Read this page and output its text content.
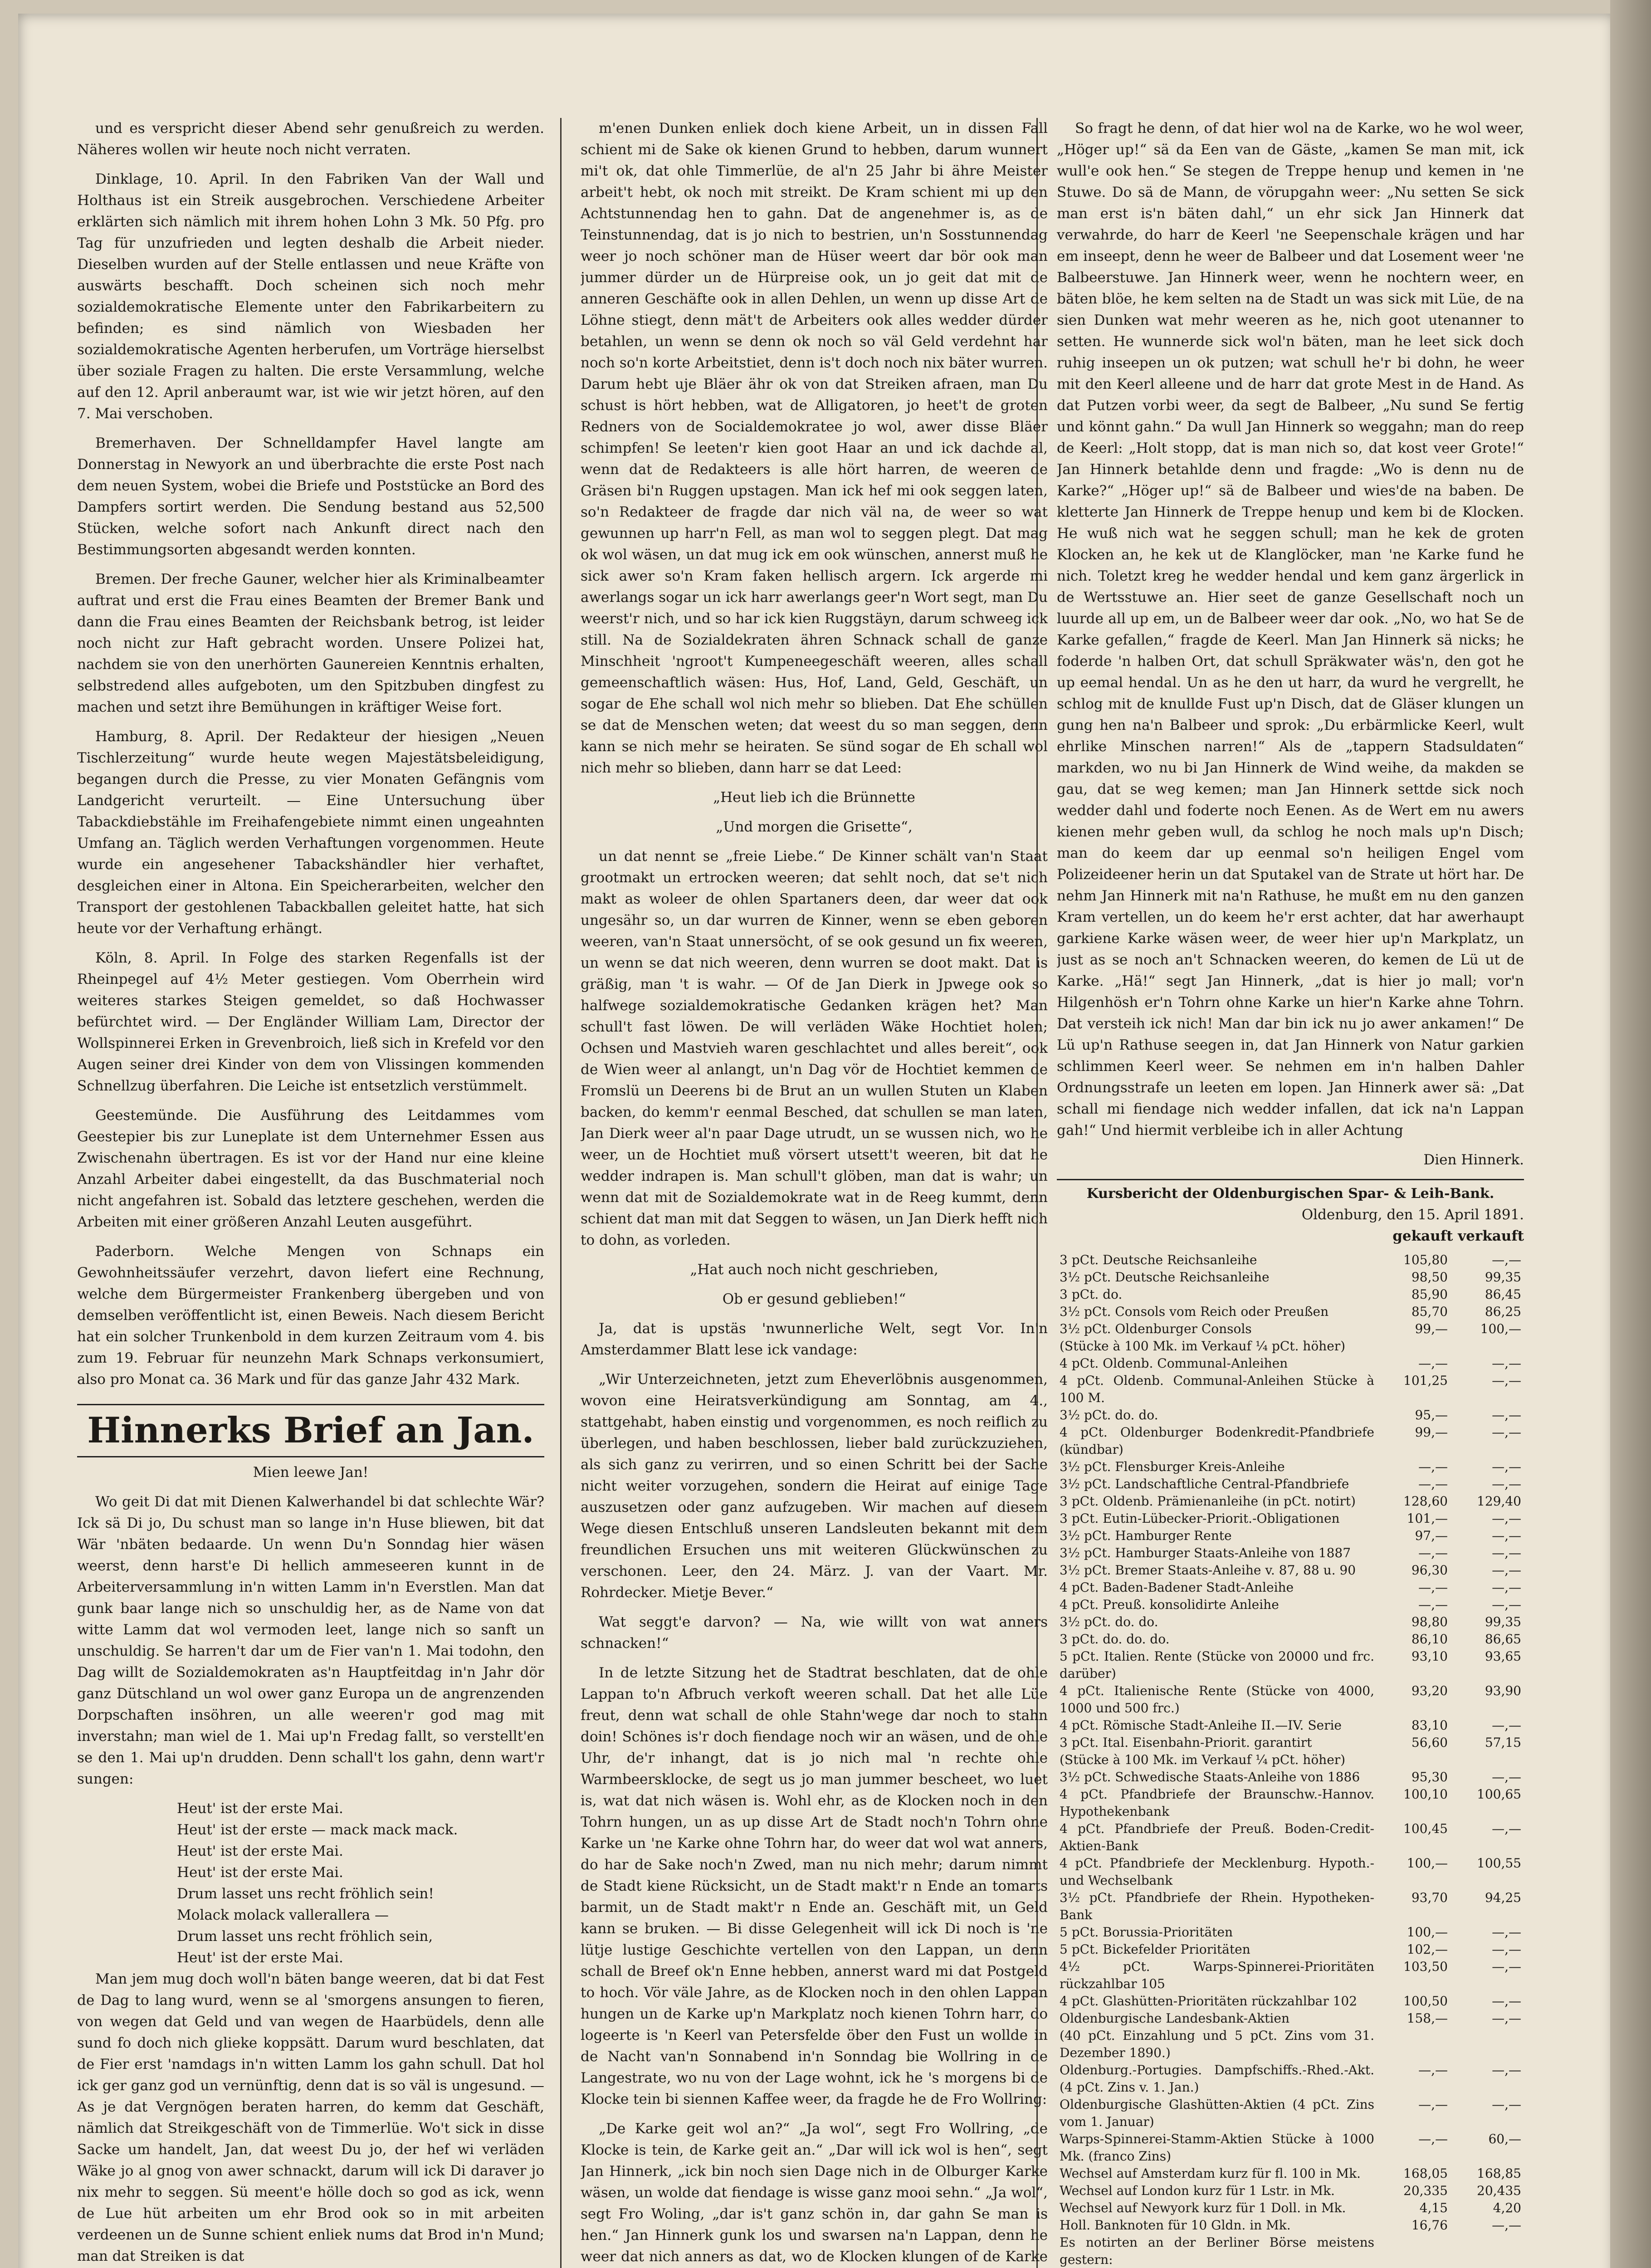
und es verspricht dieser Abend sehr genußreich zu werden. Näheres wollen wir heute noch nicht verraten.

Dinklage, 10. April. In den Fabriken Van der Wall und Holthaus ist ein Streik ausgebrochen. Verschiedene Arbeiter erklärten sich nämlich mit ihrem hohen Lohn 3 Mk. 50 Pfg. pro Tag für unzufrieden und legten deshalb die Arbeit nieder. Dieselben wurden auf der Stelle entlassen und neue Kräfte von auswärts beschafft. Doch scheinen sich noch mehr sozialdemokratische Elemente unter den Fabrikarbeitern zu befinden; es sind nämlich von Wiesbaden her sozialdemokratische Agenten herberufen, um Vorträge hierselbst über soziale Fragen zu halten. Die erste Versammlung, welche auf den 12. April anberaumt war, ist wie wir jetzt hören, auf den 7. Mai verschoben.

Bremerhaven. Der Schnelldampfer Havel langte am Donnerstag in Newyork an und überbrachte die erste Post nach dem neuen System, wobei die Briefe und Poststücke an Bord des Dampfers sortirt werden. Die Sendung bestand aus 52,500 Stücken, welche sofort nach Ankunft direct nach den Bestimmungsorten abgesandt werden konnten.

Bremen. Der freche Gauner, welcher hier als Kriminalbeamter auftrat und erst die Frau eines Beamten der Bremer Bank und dann die Frau eines Beamten der Reichsbank betrog, ist leider noch nicht zur Haft gebracht worden. Unsere Polizei hat, nachdem sie von den unerhörten Gaunereien Kenntnis erhalten, selbstredend alles aufgeboten, um den Spitzbuben dingfest zu machen und setzt ihre Bemühungen in kräftiger Weise fort.

Hamburg, 8. April. Der Redakteur der hiesigen „Neuen Tischlerzeitung“ wurde heute wegen Majestätsbeleidigung, begangen durch die Presse, zu vier Monaten Gefängnis vom Landgericht verurteilt. — Eine Untersuchung über Tabackdiebstähle im Freihafengebiete nimmt einen ungeahnten Umfang an. Täglich werden Verhaftungen vorgenommen. Heute wurde ein angesehener Tabackshändler hier verhaftet, desgleichen einer in Altona. Ein Speicherarbeiten, welcher den Transport der gestohlenen Tabackballen geleitet hatte, hat sich heute vor der Verhaftung erhängt.

Köln, 8. April. In Folge des starken Regenfalls ist der Rheinpegel auf 4½ Meter gestiegen. Vom Oberrhein wird weiteres starkes Steigen gemeldet, so daß Hochwasser befürchtet wird. — Der Engländer William Lam, Director der Wollspinnerei Erken in Grevenbroich, ließ sich in Krefeld vor den Augen seiner drei Kinder von dem von Vlissingen kommenden Schnellzug überfahren. Die Leiche ist entsetzlich verstümmelt.

Geestemünde. Die Ausführung des Leitdammes vom Geestepier bis zur Luneplate ist dem Unternehmer Essen aus Zwischenahn übertragen. Es ist vor der Hand nur eine kleine Anzahl Arbeiter dabei eingestellt, da das Buschmaterial noch nicht angefahren ist. Sobald das letztere geschehen, werden die Arbeiten mit einer größeren Anzahl Leuten ausgeführt.

Paderborn. Welche Mengen von Schnaps ein Gewohnheitssäufer verzehrt, davon liefert eine Rechnung, welche dem Bürgermeister Frankenberg übergeben und von demselben veröffentlicht ist, einen Beweis. Nach diesem Bericht hat ein solcher Trunkenbold in dem kurzen Zeitraum vom 4. bis zum 19. Februar für neunzehn Mark Schnaps verkonsumiert, also pro Monat ca. 36 Mark und für das ganze Jahr 432 Mark.

Hinnerks Brief an Jan.

Mien leewe Jan!

Wo geit Di dat mit Dienen Kalwerhandel bi dat schlechte Wär? Ick sä Di jo, Du schust man so lange in'n Huse bliewen, bit dat Wär 'nbäten bedaarde. Un wenn Du'n Sonndag hier wäsen weerst, denn harst'e Di hellich ammeseeren kunnt in de Arbeiterversammlung in'n witten Lamm in'n Everstlen. Man dat gunk baar lange nich so unschuldig her, as de Name von dat witte Lamm dat wol vermoden leet, lange nich so sanft un unschuldig. Se harren't dar um de Fier van'n 1. Mai todohn, den Dag willt de Sozialdemokraten as'n Hauptfeitdag in'n Jahr dör ganz Dütschland un wol ower ganz Europa un de angrenzenden Dorpschaften insöhren, un alle weeren'r god mag mit inverstahn; man wiel de 1. Mai up'n Fredag fallt, so verstellt'en se den 1. Mai up'n drudden. Denn schall't los gahn, denn wart'r sungen:

Heut' ist der erste Mai.

Heut' ist der erste — mack mack mack.

Heut' ist der erste Mai.

Heut' ist der erste Mai.

Drum lasset uns recht fröhlich sein!

Molack molack vallerallera —

Drum lasset uns recht fröhlich sein,

Heut' ist der erste Mai.

Man jem mug doch woll'n bäten bange weeren, dat bi dat Fest de Dag to lang wurd, wenn se al 'smorgens ansungen to fieren, von wegen dat Geld und van wegen de Haarbüdels, denn alle sund fo doch nich glieke koppsätt. Darum wurd beschlaten, dat de Fier erst 'namdags in'n witten Lamm los gahn schull. Dat hol ick ger ganz god un vernünftig, denn dat is so väl is ungesund. — As je dat Vergnögen beraten harren, do kemm dat Geschäft, nämlich dat Streikgeschäft von de Timmerlüe. Wo't sick in disse Sacke um handelt, Jan, dat weest Du jo, der hef wi verläden Wäke jo al gnog von awer schnackt, darum will ick Di daraver jo nix mehr to seggen. Sü meent'e hölle doch so god as ick, wenn de Lue hüt arbeiten um ehr Brod ook so in mit arbeiten verdeenen un de Sunne schient enliek nums dat Brod in'n Mund; man dat Streiken is dat

m'enen Dunken enliek doch kiene Arbeit, un in dissen Fall schient mi de Sake ok kienen Grund to hebben, darum wunnert mi't ok, dat ohle Timmerlüe, de al'n 25 Jahr bi ähre Meister arbeit't hebt, ok noch mit streikt. De Kram schient mi up den Achtstunnendag hen to gahn. Dat de angenehmer is, as de Teinstunnendag, dat is jo nich to bestrien, un'n Sosstunnendag weer jo noch schöner man de Hüser weert dar bör ook man jummer dürder un de Hürpreise ook, un jo geit dat mit de anneren Geschäfte ook in allen Dehlen, un wenn up disse Art de Löhne stiegt, denn mät't de Arbeiters ook alles wedder dürder betahlen, un wenn se denn ok noch so väl Geld verdehnt har noch so'n korte Arbeitstiet, denn is't doch noch nix bäter wurren. Darum hebt uje Bläer ähr ok von dat Streiken afraen, man Du schust is hört hebben, wat de Alligatoren, jo heet't de groten Redners von de Socialdemokratee jo wol, awer disse Bläer schimpfen! Se leeten'r kien goot Haar an und ick dachde al, wenn dat de Redakteers is alle hört harren, de weeren de Gräsen bi'n Ruggen upstagen. Man ick hef mi ook seggen laten, so'n Redakteer de fragde dar nich väl na, de weer so wat gewunnen up harr'n Fell, as man wol to seggen plegt. Dat mag ok wol wäsen, un dat mug ick em ook wünschen, annerst muß he sick awer so'n Kram faken hellisch argern. Ick argerde mi awerlangs sogar un ick harr awerlangs geer'n Wort segt, man Du weerst'r nich, und so har ick kien Ruggstäyn, darum schweeg ick still. Na de Sozialdekraten ähren Schnack schall de ganze Minschheit 'ngroot't Kumpeneegeschäft weeren, alles schall gemeenschaftlich wäsen: Hus, Hof, Land, Geld, Geschäft, un sogar de Ehe schall wol nich mehr so blieben. Dat Ehe schüllen se dat de Menschen weten; dat weest du so man seggen, denn kann se nich mehr se heiraten. Se sünd sogar de Eh schall wol nich mehr so blieben, dann harr se dat Leed:

„Heut lieb ich die Brünnette

„Und morgen die Grisette“,

un dat nennt se „freie Liebe.“ De Kinner schält van'n Staat grootmakt un ertrocken weeren; dat sehlt noch, dat se't nich makt as woleer de ohlen Spartaners deen, dar weer dat ook ungesähr so, un dar wurren de Kinner, wenn se eben geboren weeren, van'n Staat unnersöcht, of se ook gesund un fix weeren, un wenn se dat nich weeren, denn wurren se doot makt. Dat is gräßig, man 't is wahr. — Of de Jan Dierk in Jpwege ook so halfwege sozialdemokratische Gedanken krägen het? Man schull't fast löwen. De will verläden Wäke Hochtiet holen; Ochsen und Mastvieh waren geschlachtet und alles bereit“, ook de Wien weer al anlangt, un'n Dag vör de Hochtiet kemmen de Fromslü un Deerens bi de Brut an un wullen Stuten un Klaben backen, do kemm'r eenmal Besched, dat schullen se man laten, Jan Dierk weer al'n paar Dage utrudt, un se wussen nich, wo he weer, un de Hochtiet muß vörsert utsett't weeren, bit dat he wedder indrapen is. Man schull't glöben, man dat is wahr; un wenn dat mit de Sozialdemokrate wat in de Reeg kummt, denn schient dat man mit dat Seggen to wäsen, un Jan Dierk hefft nich to dohn, as vorleden.

„Hat auch noch nicht geschrieben,

Ob er gesund geblieben!“

Ja, dat is upstäs 'nwunnerliche Welt, segt Vor. In'n Amsterdammer Blatt lese ick vandage:

„Wir Unterzeichneten, jetzt zum Eheverlöbnis ausgenommen, wovon eine Heiratsverkündigung am Sonntag, am 4., stattgehabt, haben einstig und vorgenommen, es noch reiflich zu überlegen, und haben beschlossen, lieber bald zurückzuziehen, als sich ganz zu verirren, und so einen Schritt bei der Sache nicht weiter vorzugehen, sondern die Heirat auf einige Tage auszusetzen oder ganz aufzugeben. Wir machen auf diesem Wege diesen Entschluß unseren Landsleuten bekannt mit dem freundlichen Ersuchen uns mit weiteren Glückwünschen zu verschonen. Leer, den 24. März. J. van der Vaart. Mr. Rohrdecker. Mietje Bever.“

Wat seggt'e darvon? — Na, wie willt von wat anners schnacken!“

In de letzte Sitzung het de Stadtrat beschlaten, dat de ohle Lappan to'n Afbruch verkoft weeren schall. Dat het alle Lüe freut, denn wat schall de ohle Stahn'wege dar noch to stahn doin! Schönes is'r doch fiendage noch wir an wäsen, und de ohle Uhr, de'r inhangt, dat is jo nich mal 'n rechte ohle Warmbeersklocke, de segt us jo man jummer bescheet, wo luet is, wat dat nich wäsen is. Wohl ehr, as de Klocken noch in den Tohrn hungen, un as up disse Art de Stadt noch'n Tohrn ohne Karke un 'ne Karke ohne Tohrn har, do weer dat wol wat anners, do har de Sake noch'n Zwed, man nu nich mehr; darum nimmt de Stadt kiene Rücksicht, un de Stadt makt'r n Ende an tomarts barmit, un de Stadt makt'r n Ende an. Geschäft mit, un Geld kann se bruken. — Bi disse Gelegenheit will ick Di noch is 'ne lütje lustige Geschichte vertellen von den Lappan, un denn schall de Breef ok'n Enne hebben, annerst ward mi dat Postgeld to hoch. Vör väle Jahre, as de Klocken noch in den ohlen Lappan hungen un de Karke up'n Markplatz noch kienen Tohrn harr, do logeerte is 'n Keerl van Petersfelde öber den Fust un wollde in de Nacht van'n Sonnabend in'n Sonndag bie Wollring in de Langestrate, wo nu von der Lage wohnt, ick he 's morgens bi de Klocke tein bi siennen Kaffee weer, da fragde he de Fro Wollring:

„De Karke geit wol an?“ „Ja wol“, segt Fro Wollring, „de Klocke is tein, de Karke geit an.“ „Dar will ick wol is hen“, segt Jan Hinnerk, „ick bin noch sien Dage nich in de Olburger Karke wäsen, un wolde dat fiendage is wisse ganz mooi sehn.“ „Ja wol“, segt Fro Woling, „dar is't ganz schön in, dar gahn Se man is hen.“ Jan Hinnerk gunk los und swarsen na'n Lappan, denn he weer dat nich anners as dat, wo de Klocken klungen of de Karke

So fragt he denn, of dat hier wol na de Karke, wo he wol weer, „Höger up!“ sä da Een van de Gäste, „kamen Se man mit, ick wull'e ook hen.“ Se stegen de Treppe henup und kemen in 'ne Stuwe. Do sä de Mann, de vörupgahn weer: „Nu setten Se sick man erst is'n bäten dahl,“ un ehr sick Jan Hinnerk dat verwahrde, do harr de Keerl 'ne Seepenschale krägen und har em inseept, denn he weer de Balbeer und dat Losement weer 'ne Balbeerstuwe. Jan Hinnerk weer, wenn he nochtern weer, en bäten blöe, he kem selten na de Stadt un was sick mit Lüe, de na sien Dunken wat mehr weeren as he, nich goot utenanner to setten. He wunnerde sick wol'n bäten, man he leet sick doch ruhig inseepen un ok putzen; wat schull he'r bi dohn, he weer mit den Keerl alleene und de harr dat grote Mest in de Hand. As dat Putzen vorbi weer, da segt de Balbeer, „Nu sund Se fertig und könnt gahn.“ Da wull Jan Hinnerk so weggahn; man do reep de Keerl: „Holt stopp, dat is man nich so, dat kost veer Grote!“ Jan Hinnerk betahlde denn und fragde: „Wo is denn nu de Karke?“ „Höger up!“ sä de Balbeer und wies'de na baben. De kletterte Jan Hinnerk de Treppe henup und kem bi de Klocken. He wuß nich wat he seggen schull; man he kek de groten Klocken an, he kek ut de Klanglöcker, man 'ne Karke fund he nich. Toletzt kreg he wedder hendal und kem ganz ärgerlick in de Wertsstuwe an. Hier seet de ganze Gesellschaft noch un luurde all up em, un de Balbeer weer dar ook. „No, wo hat Se de Karke gefallen,“ fragde de Keerl. Man Jan Hinnerk sä nicks; he foderde 'n halben Ort, dat schull Spräkwater wäs'n, den got he up eemal hendal. Un as he den ut harr, da wurd he vergrellt, he schlog mit de knullde Fust up'n Disch, dat de Gläser klungen un gung hen na'n Balbeer und sprok: „Du erbärmlicke Keerl, wult ehrlike Minschen narren!“ Als de „tappern Stadsuldaten“ markden, wo nu bi Jan Hinnerk de Wind weihe, da makden se gau, dat se weg kemen; man Jan Hinnerk settde sick noch wedder dahl und foderte noch Eenen. As de Wert em nu awers kienen mehr geben wull, da schlog he noch mals up'n Disch; man do keem dar up eenmal so'n heiligen Engel vom Polizeideener herin un dat Sputakel van de Strate ut hört har. De nehm Jan Hinnerk mit na'n Rathuse, he mußt em nu den ganzen Kram vertellen, un do keem he'r erst achter, dat har awerhaupt garkiene Karke wäsen weer, de weer hier up'n Markplatz, un just as se noch an't Schnacken weeren, do kemen de Lü ut de Karke. „Hä!“ segt Jan Hinnerk, „dat is hier jo mall; vor'n Hilgenhösh er'n Tohrn ohne Karke un hier'n Karke ahne Tohrn. Dat versteih ick nich! Man dar bin ick nu jo awer ankamen!“ De Lü up'n Rathuse seegen in, dat Jan Hinnerk von Natur garkien schlimmen Keerl weer. Se nehmen em in'n halben Dahler Ordnungsstrafe un leeten em lopen. Jan Hinnerk awer sä: „Dat schall mi fiendage nich wedder infallen, dat ick na'n Lappan gah!“ Und hiermit verbleibe ich in aller Achtung

Dien Hinnerk.

Kursbericht der Oldenburgischen Spar- & Leih-Bank.

Oldenburg, den 15. April 1891.

gekauft verkauft

3 pCt. Deutsche Reichsanleihe	105,80	—,—
3½ pCt. Deutsche Reichsanleihe	98,50	99,35
3 pCt. do.	85,90	86,45
3½ pCt. Consols vom Reich oder Preußen	85,70	86,25
3½ pCt. Oldenburger Consols	99,—	100,—
(Stücke à 100 Mk. im Verkauf ¼ pCt. höher)		
4 pCt. Oldenb. Communal-Anleihen	—,—	—,—
4 pCt. Oldenb. Communal-Anleihen Stücke à 100 M.	101,25	—,—
3½ pCt. do. do.	95,—	—,—
4 pCt. Oldenburger Bodenkredit-Pfandbriefe (kündbar)	99,—	—,—
3½ pCt. Flensburger Kreis-Anleihe	—,—	—,—
3½ pCt. Landschaftliche Central-Pfandbriefe	—,—	—,—
3 pCt. Oldenb. Prämienanleihe (in pCt. notirt)	128,60	129,40
3 pCt. Eutin-Lübecker-Priorit.-Obligationen	101,—	—,—
3½ pCt. Hamburger Rente	97,—	—,—
3½ pCt. Hamburger Staats-Anleihe von 1887	—,—	—,—
3½ pCt. Bremer Staats-Anleihe v. 87, 88 u. 90	96,30	—,—
4 pCt. Baden-Badener Stadt-Anleihe	—,—	—,—
4 pCt. Preuß. konsolidirte Anleihe	—,—	—,—
3½ pCt. do. do.	98,80	99,35
3 pCt. do. do. do.	86,10	86,65
5 pCt. Italien. Rente (Stücke von 20000 und frc. darüber)	93,10	93,65
4 pCt. Italienische Rente (Stücke von 4000, 1000 und 500 frc.)	93,20	93,90
4 pCt. Römische Stadt-Anleihe II.—IV. Serie	83,10	—,—
3 pCt. Ital. Eisenbahn-Priorit. garantirt	56,60	57,15
(Stücke à 100 Mk. im Verkauf ¼ pCt. höher)		
3½ pCt. Schwedische Staats-Anleihe von 1886	95,30	—,—
4 pCt. Pfandbriefe der Braunschw.-Hannov. Hypothekenbank	100,10	100,65
4 pCt. Pfandbriefe der Preuß. Boden-Credit-Aktien-Bank	100,45	—,—
4 pCt. Pfandbriefe der Mecklenburg. Hypoth.- und Wechselbank	100,—	100,55
3½ pCt. Pfandbriefe der Rhein. Hypotheken-Bank	93,70	94,25
5 pCt. Borussia-Prioritäten	100,—	—,—
5 pCt. Bickefelder Prioritäten	102,—	—,—
4½ pCt. Warps-Spinnerei-Prioritäten rückzahlbar 105	103,50	—,—
4 pCt. Glashütten-Prioritäten rückzahlbar 102	100,50	—,—
Oldenburgische Landesbank-Aktien	158,—	—,—
(40 pCt. Einzahlung und 5 pCt. Zins vom 31. Dezember 1890.)		
Oldenburg.-Portugies. Dampfschiffs.-Rhed.-Akt. (4 pCt. Zins v. 1. Jan.)	—,—	—,—
Oldenburgische Glashütten-Aktien (4 pCt. Zins vom 1. Januar)	—,—	—,—
Warps-Spinnerei-Stamm-Aktien Stücke à 1000 Mk. (franco Zins)	—,—	60,—
Wechsel auf Amsterdam kurz für fl. 100 in Mk.	168,05	168,85
Wechsel auf London kurz für 1 Lstr. in Mk.	20,335	20,435
Wechsel auf Newyork kurz für 1 Doll. in Mk.	4,15	4,20
Holl. Banknoten für 10 Gldn. in Mk.	16,76	—,—
Es notirten an der Berliner Börse meistens gestern:		
